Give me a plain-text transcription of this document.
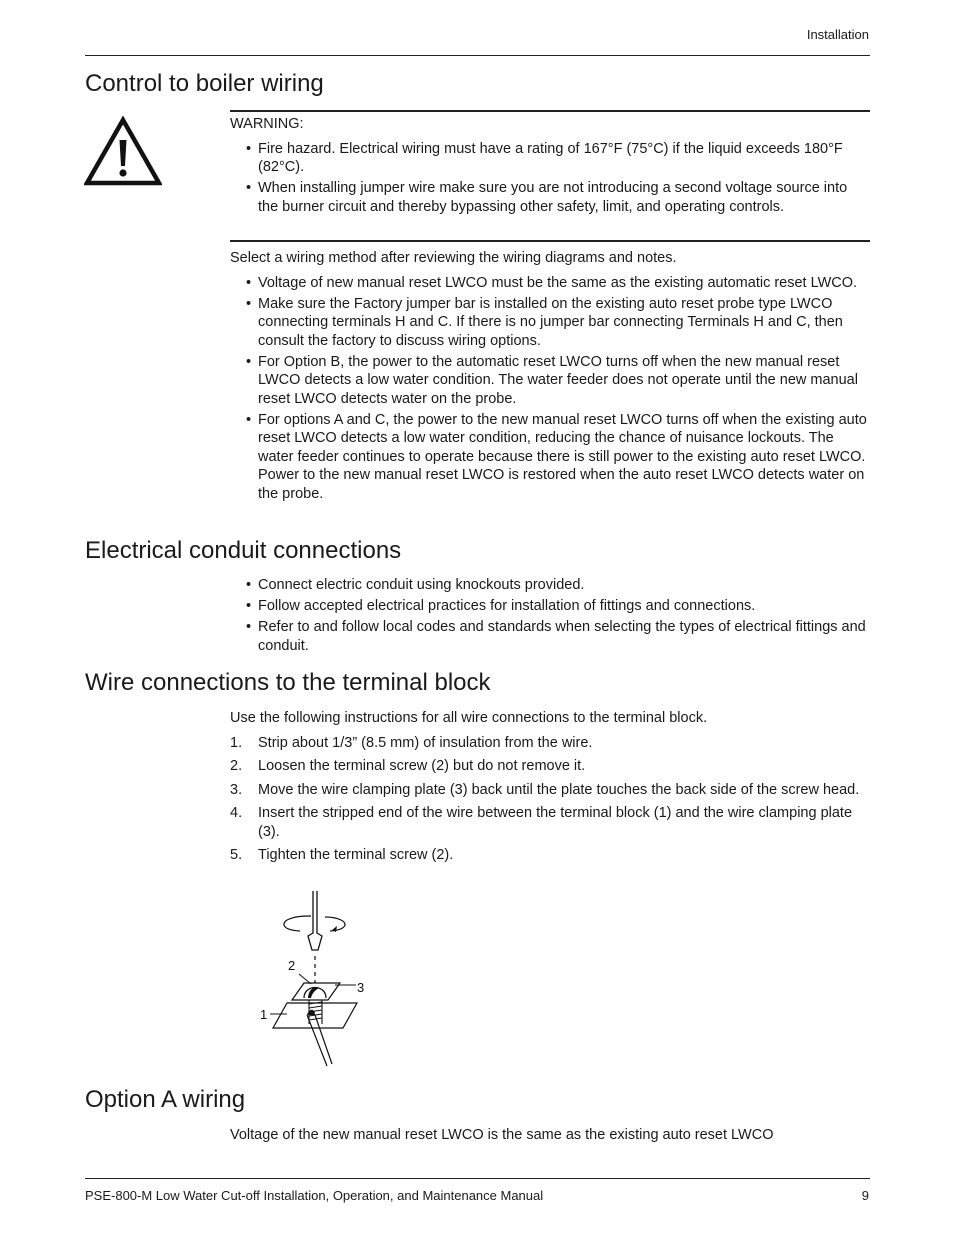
Installation
Control to boiler wiring

WARNING:

• Fire hazard. Electrical wiring must have a rating of 167°F (75°C) if the liquid exceeds 180°F (82°C).
• When installing jumper wire make sure you are not introducing a second voltage source into the burner circuit and thereby bypassing other safety, limit, and operating controls.

Select a wiring method after reviewing the wiring diagrams and notes.

• Voltage of new manual reset LWCO must be the same as the existing automatic reset LWCO.
• Make sure the Factory jumper bar is installed on the existing auto reset probe type LWCO connecting terminals H and C. If there is no jumper bar connecting Terminals H and C, then consult the factory to discuss wiring options.
• For Option B, the power to the automatic reset LWCO turns off when the new manual reset LWCO detects a low water condition. The water feeder does not operate until the new manual reset LWCO detects water on the probe.
• For options A and C, the power to the new manual reset LWCO turns off when the existing auto reset LWCO detects a low water condition, reducing the chance of nuisance lockouts. The water feeder continues to operate because there is still power to the existing auto reset LWCO. Power to the new manual reset LWCO is restored when the auto reset LWCO detects water on the probe.
Electrical conduit connections
• Connect electric conduit using knockouts provided.
• Follow accepted electrical practices for installation of fittings and connections.
• Refer to and follow local codes and standards when selecting the types of electrical fittings and conduit.
Wire connections to the terminal block

Use the following instructions for all wire connections to the terminal block.

1. Strip about 1/3” (8.5 mm) of insulation from the wire.
2. Loosen the terminal screw (2) but do not remove it.
3. Move the wire clamping plate (3) back until the plate touches the back side of the screw head.
4. Insert the stripped end of the wire between the terminal block (1) and the wire clamping plate (3).
5. Tighten the terminal screw (2).
2
3
1
Option A wiring

Voltage of the new manual reset LWCO is the same as the existing auto reset LWCO

PSE-800-M Low Water Cut-off Installation, Operation, and Maintenance Manual	9
